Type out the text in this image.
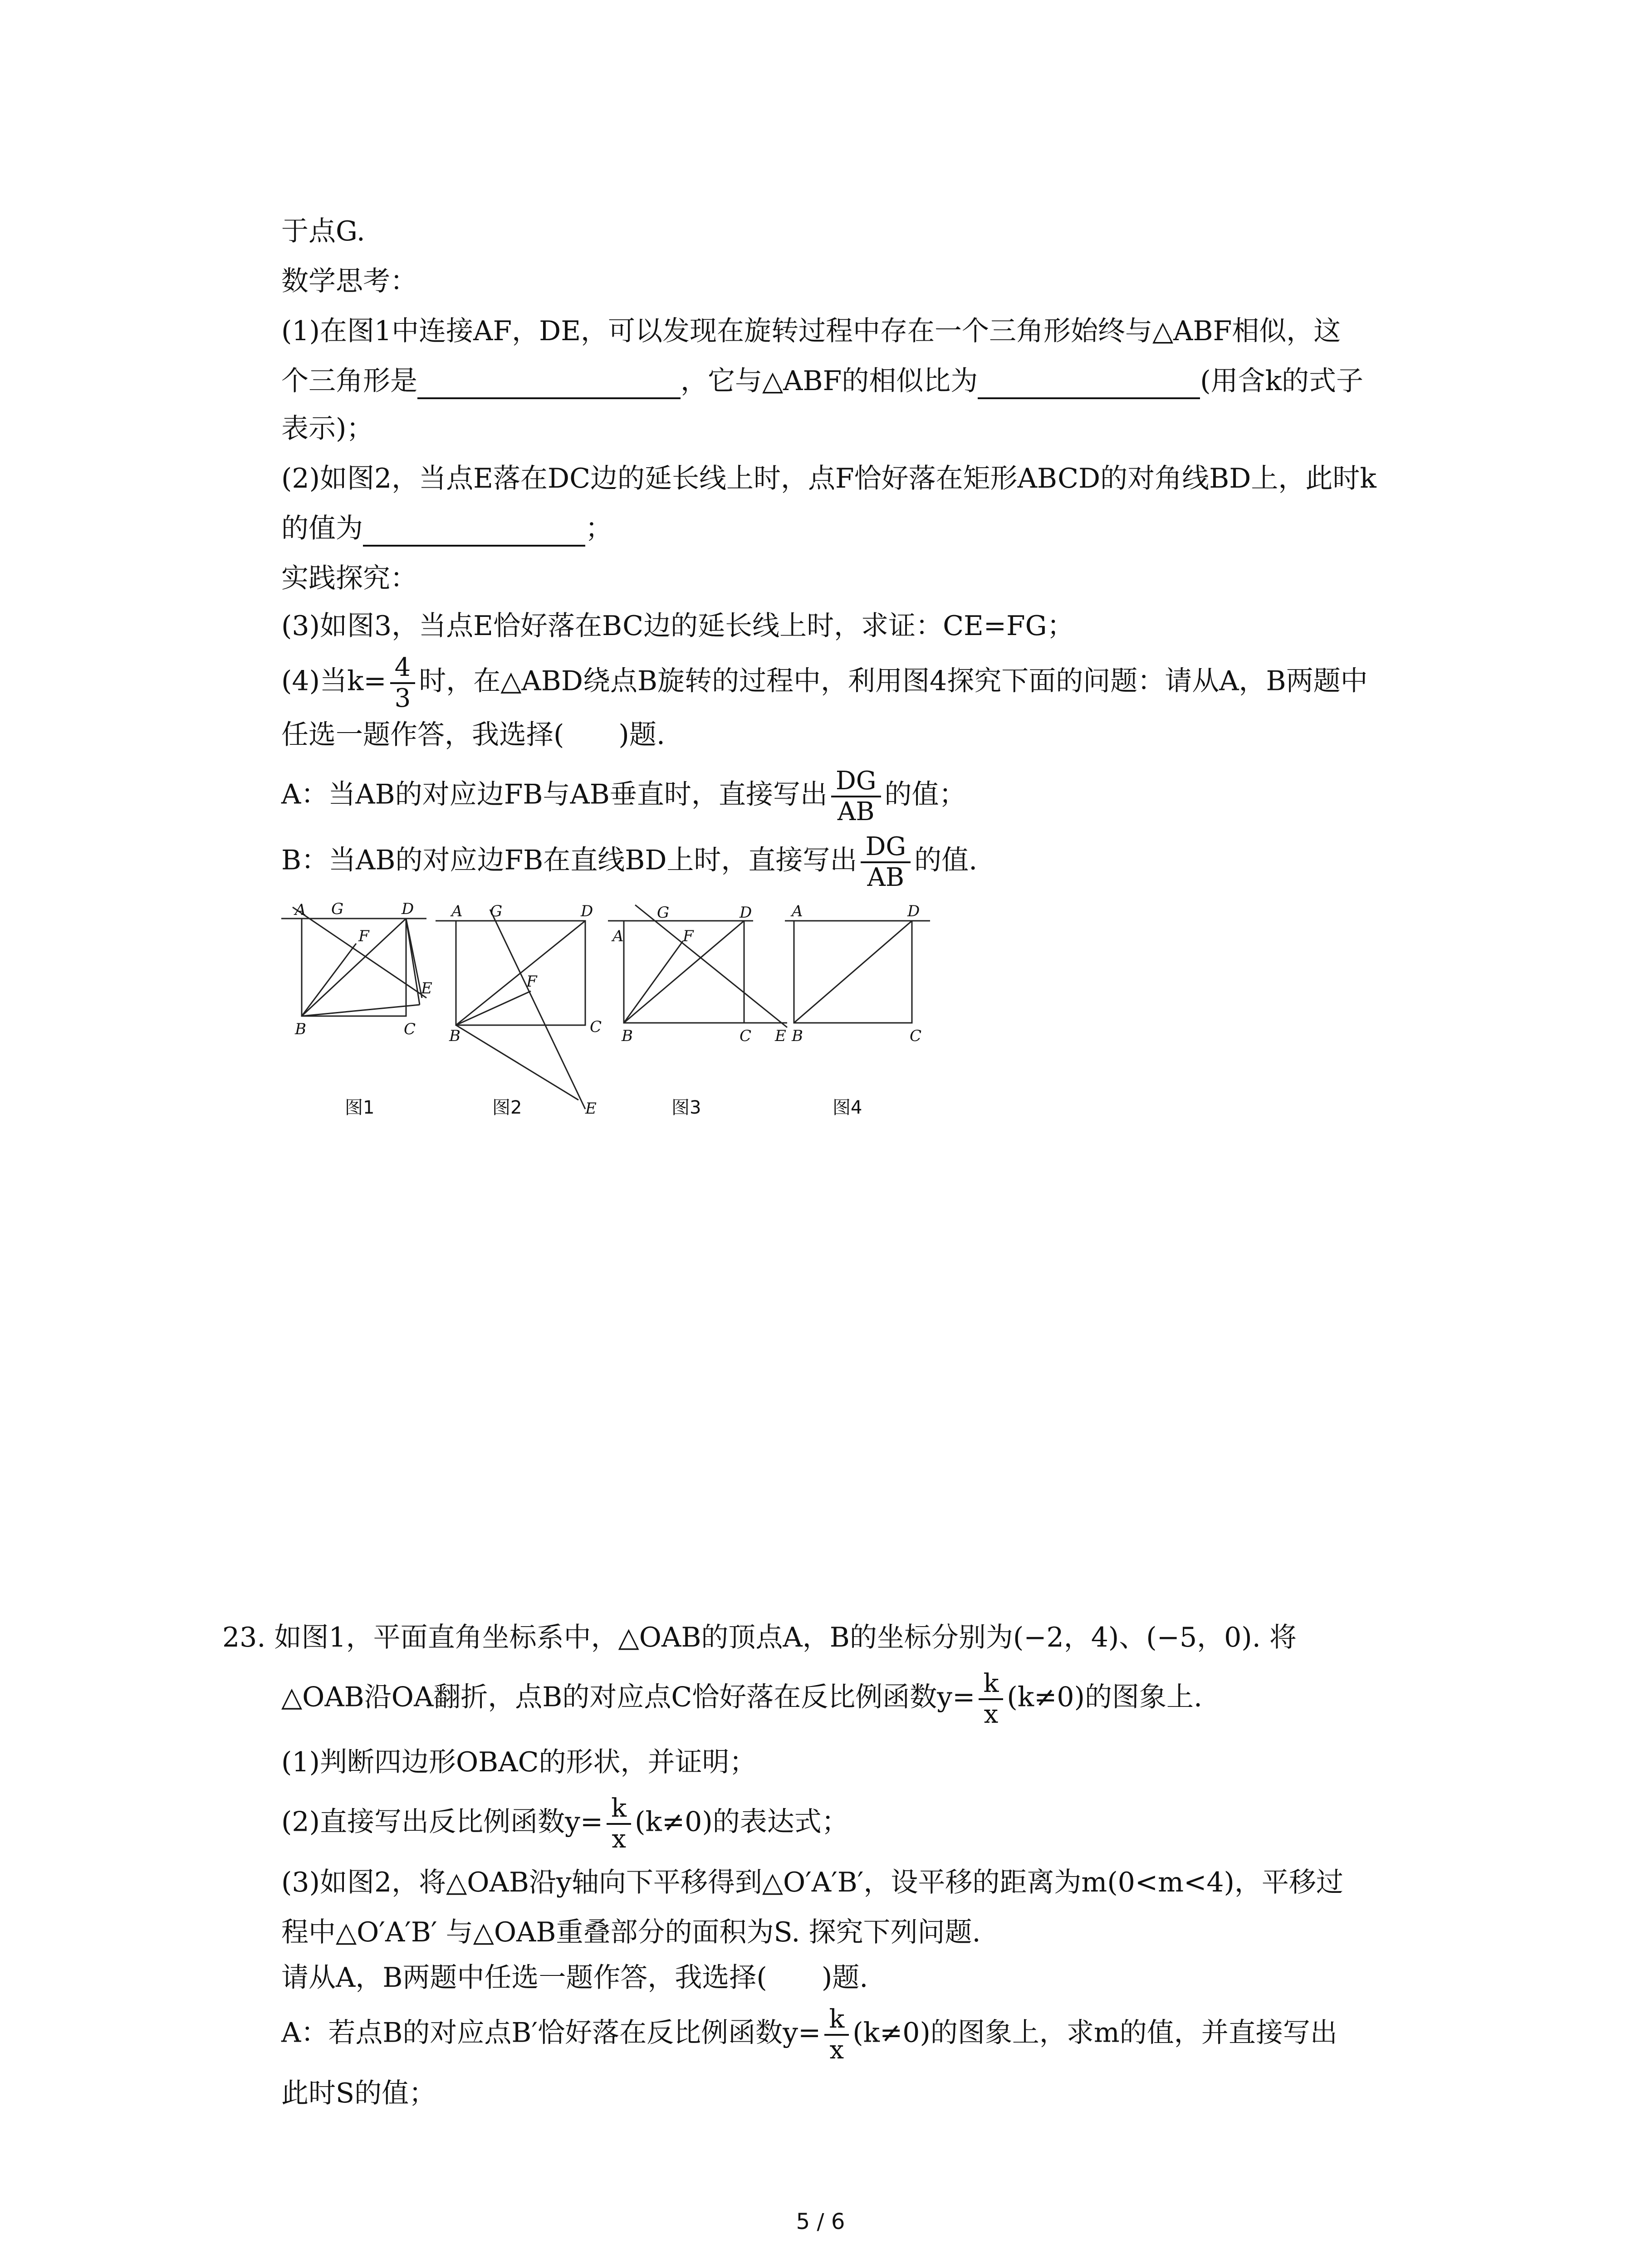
于点G.
数学思考：
(1)在图1中连接AF，DE，可以发现在旋转过程中存在一个三角形始终与△ABF相似，这
个三角形是	，它与△ABF的相似比为	(用含k的式子
表示)；
(2)如图2，当点E落在DC边的延长线上时，点F恰好落在矩形ABCD的对角线BD上，此时k
的值为	；
实践探究：
(3)如图3，当点E恰好落在BC边的延长线上时，求证：CE=FG；
(4)当$k= \frac{4}{3}$ 时，在△ABD绕点B旋转的过程中，利用图4探究下面的问题：请从A，B两题中
任选一题作答，我选择(　　)题.
A：当AB的对应边FB与AB垂直时，直接写出 $\frac{DG}{AB}$ 的值；
B：当AB的对应边FB在直线BD上时，直接写出 $\frac{DG}{AB}$ 的值.
A G	D
F
E
B	C
A G	D
F
B	C
E
A
G	D
F
B	C E
A	D
B	C
图1	图2	图3	图4
23. 如图1，平面直角坐标系中，△OAB的顶点A，B的坐标分别为(−2，4)、(−5，0). 将
△OAB沿OA翻折，点B的对应点C恰好落在反比例函数$y= \frac{k}{x} (k\ne 0)$的图象上.
(1)判断四边形OBAC的形状，并证明；
(2)直接写出反比例函数$y= \frac{k}{x} (k\ne 0)$的表达式；
(3)如图2，将△OAB沿y轴向下平移得到△O′A′B′，设平移的距离为m(0<m<4)，平移过
程中△O′A′B′ 与△OAB重叠部分的面积为S. 探究下列问题.
请从A，B两题中任选一题作答，我选择(　　)题.
A：若点B的对应点B′恰好落在反比例函数$y= \frac{k}{x} (k\ne 0)$的图象上，求m的值，并直接写出
此时S的值；
5 / 6
